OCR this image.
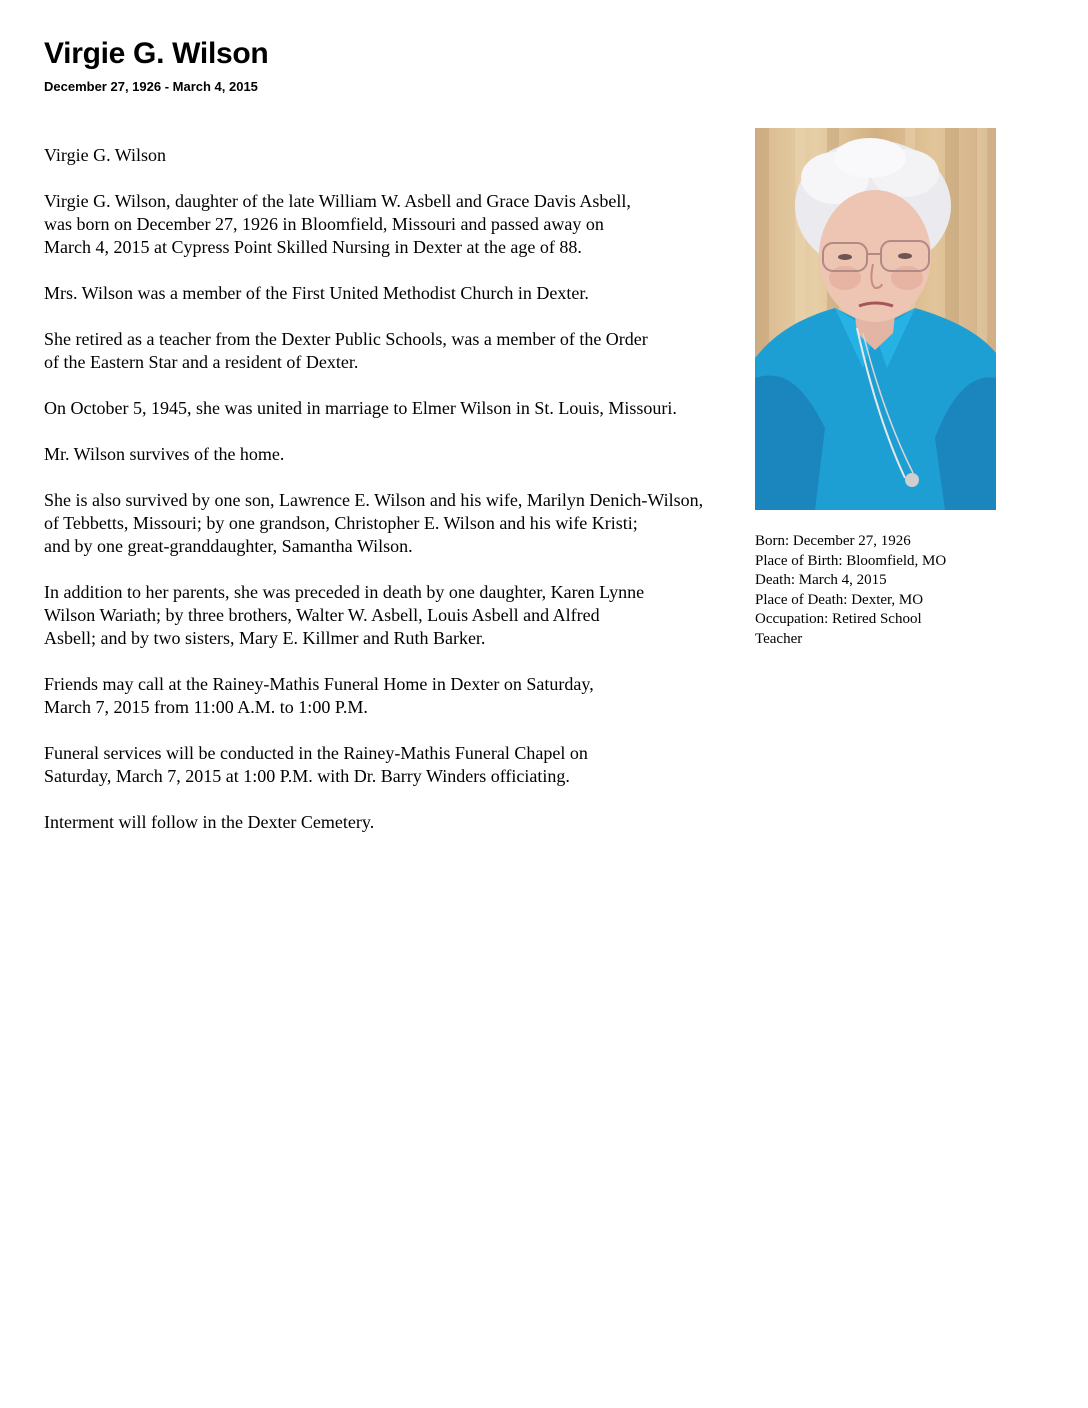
Virgie G. Wilson
December 27, 1926 - March 4, 2015

Virgie G. Wilson

Virgie G. Wilson, daughter of the late William W. Asbell and Grace Davis Asbell,
was born on December 27, 1926 in Bloomfield, Missouri and passed away on
March 4, 2015 at Cypress Point Skilled Nursing in Dexter at the age of 88.

Mrs. Wilson was a member of the First United Methodist Church in Dexter.

She retired as a teacher from the Dexter Public Schools, was a member of the Order
of the Eastern Star and a resident of Dexter.

On October 5, 1945, she was united in marriage to Elmer Wilson in St. Louis, Missouri.

Mr. Wilson survives of the home.

She is also survived by one son, Lawrence E. Wilson and his wife, Marilyn Denich-Wilson,
of Tebbetts, Missouri; by one grandson, Christopher E. Wilson and his wife Kristi;
and by one great-granddaughter, Samantha Wilson.

In addition to her parents, she was preceded in death by one daughter, Karen Lynne
Wilson Wariath; by three brothers, Walter W. Asbell, Louis Asbell and Alfred
Asbell; and by two sisters, Mary E. Killmer and Ruth Barker.

Friends may call at the Rainey-Mathis Funeral Home in Dexter on Saturday,
March 7, 2015 from 11:00 A.M. to 1:00 P.M.

Funeral services will be conducted in the Rainey-Mathis Funeral Chapel on
Saturday, March 7, 2015 at 1:00 P.M. with Dr. Barry Winders officiating.

Interment will follow in the Dexter Cemetery.

Born: December 27, 1926
Place of Birth: Bloomfield, MO
Death: March 4, 2015
Place of Death: Dexter, MO
Occupation: Retired School
Teacher
